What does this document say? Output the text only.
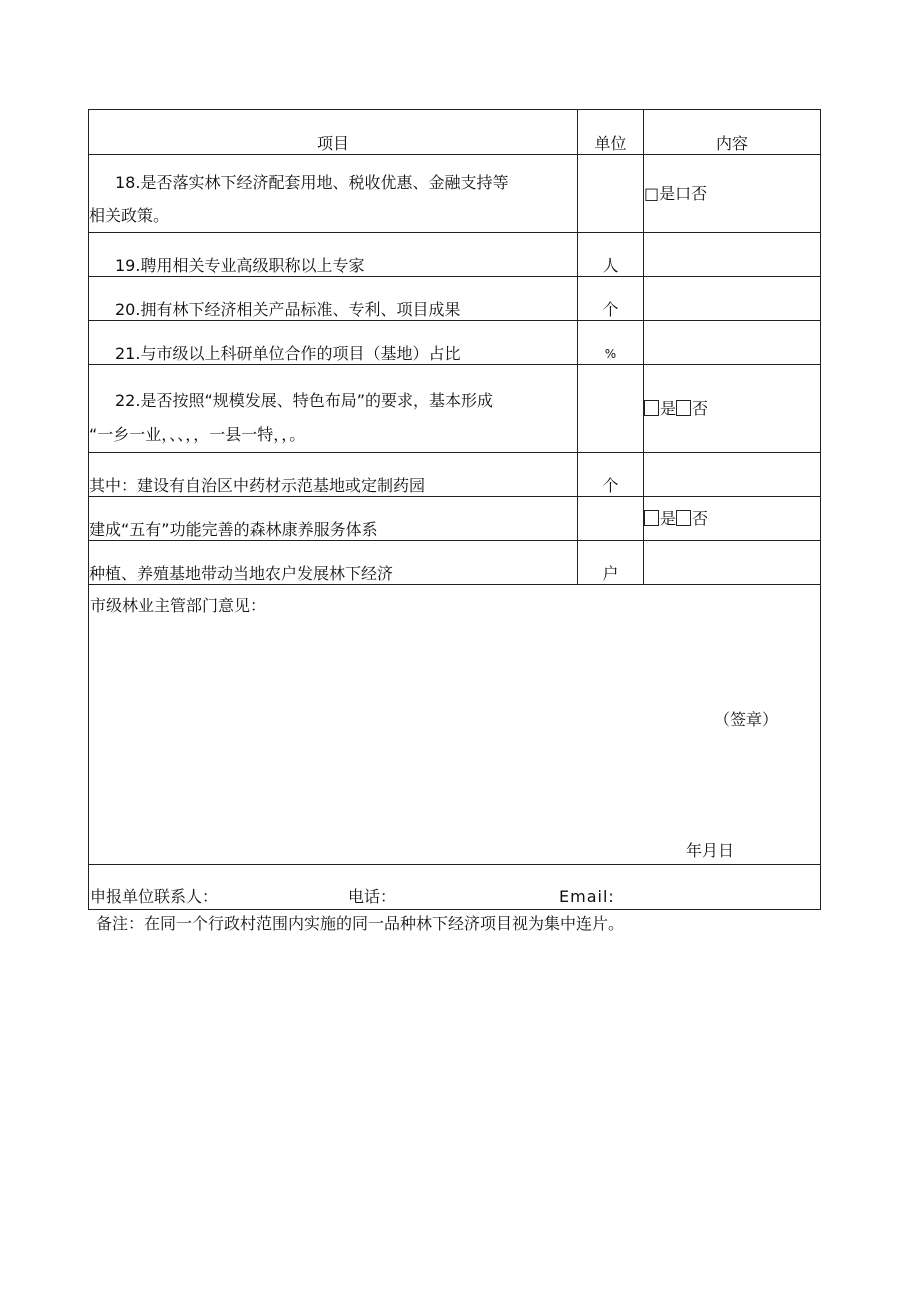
项目	单位	内容

18.是否落实林下经济配套用地、税收优惠、金融支持等
相关政策。		□是口否
19.聘用相关专业高级职称以上专家	人	
20.拥有林下经济相关产品标准、专利、项目成果	个	
21.与市级以上科研单位合作的项目（基地）占比	%	

22.是否按照“规模发展、特色布局”的要求，基本形成
“一乡一业，、、，，一县一特，，。		是 否
其中：建设有自治区中药材示范基地或定制药园	个	
建成“五有”功能完善的森林康养服务体系		是 否
种植、养殖基地带动当地农户发展林下经济	户	

市级林业主管部门意见：
（签章）
年月日		

申报单位联系人： 电话： Email:		
备注：在同一个行政村范围内实施的同一品种林下经济项目视为集中连片。
